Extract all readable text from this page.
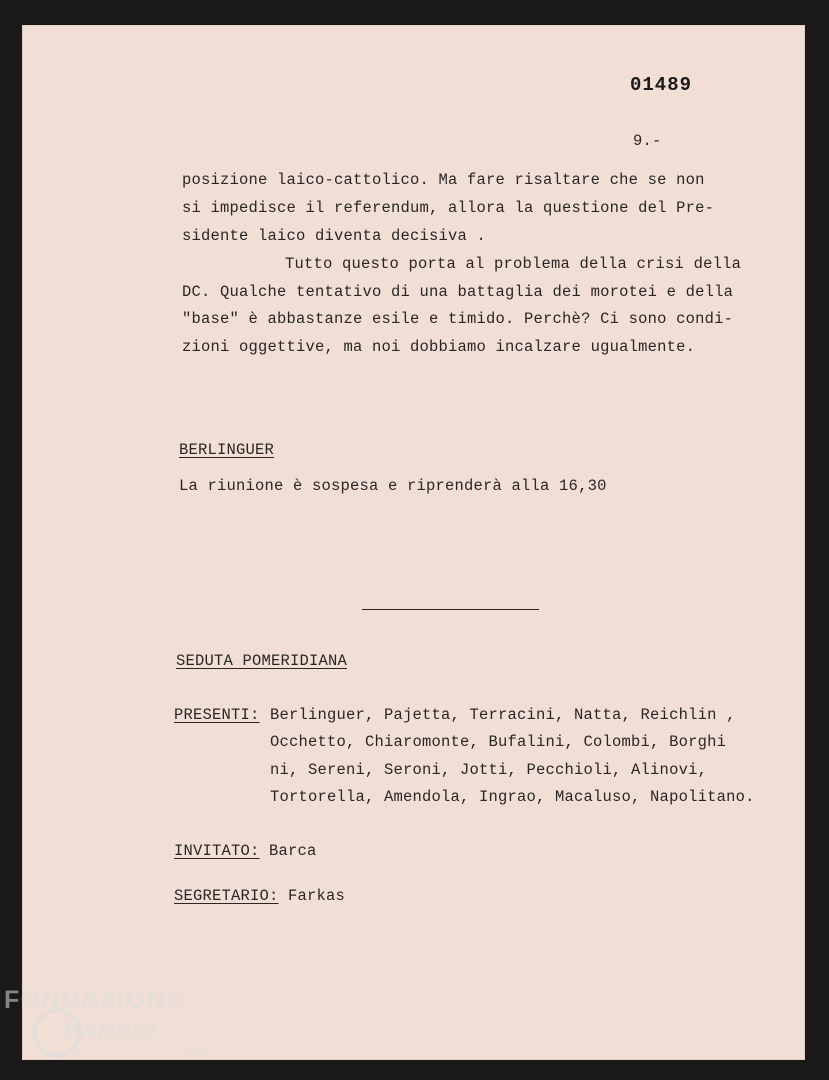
01489
9.-
posizione laico-cattolico. Ma fare risaltare che se non
si impedisce il referendum, allora la questione del Pre-
sidente laico diventa decisiva .
Tutto questo porta al problema della crisi della
DC. Qualche tentativo di una battaglia dei morotei e della
"base" è abbastanze esile e timido. Perchè? Ci sono condi-
zioni oggettive, ma noi dobbiamo incalzare ugualmente.
BERLINGUER
La riunione è sospesa e riprenderà alla 16,30
SEDUTA POMERIDIANA
PRESENTI: Berlinguer, Pajetta, Terracini, Natta, Reichlin ,
Occhetto, Chiaromonte, Bufalini, Colombi, Borghi
ni, Sereni, Seroni, Jotti, Pecchioli, Alinovi,
Tortorella, Amendola, Ingrao, Macaluso, Napolitano.
INVITATO: Barca
SEGRETARIO: Farkas
FONDAZIONE
RAMSCI
onlus
